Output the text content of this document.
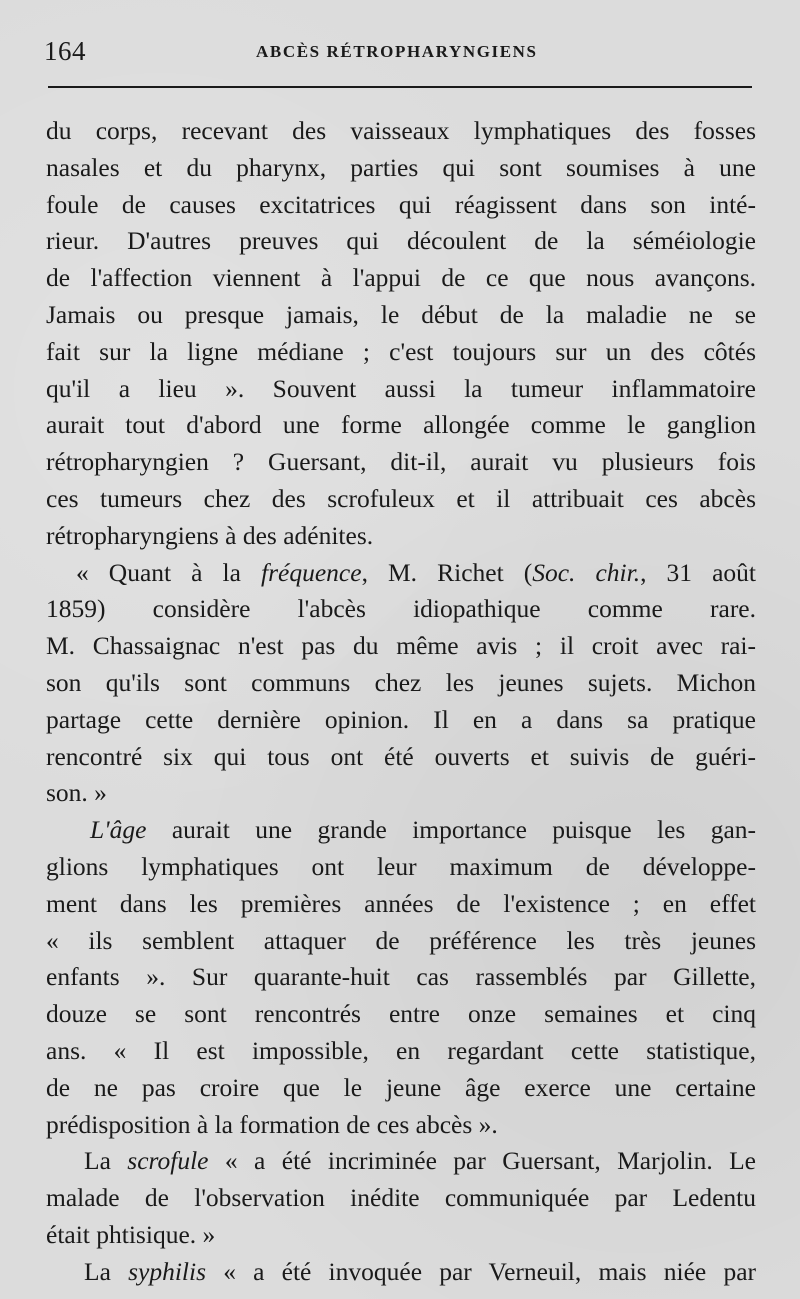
164	ABCÈS RÉTROPHARYNGIENS
du corps, recevant des vaisseaux lymphatiques des fosses
nasales et du pharynx, parties qui sont soumises à une
foule de causes excitatrices qui réagissent dans son inté-
rieur. D'autres preuves qui découlent de la séméiologie
de l'affection viennent à l'appui de ce que nous avançons.
Jamais ou presque jamais, le début de la maladie ne se
fait sur la ligne médiane ; c'est toujours sur un des côtés
qu'il a lieu ». Souvent aussi la tumeur inflammatoire
aurait tout d'abord une forme allongée comme le ganglion
rétropharyngien ? Guersant, dit-il, aurait vu plusieurs fois
ces tumeurs chez des scrofuleux et il attribuait ces abcès
rétropharyngiens à des adénites.
« Quant à la fréquence, M. Richet (Soc. chir., 31 août
1859) considère l'abcès idiopathique comme rare.
M. Chassaignac n'est pas du même avis ; il croit avec rai-
son qu'ils sont communs chez les jeunes sujets. Michon
partage cette dernière opinion. Il en a dans sa pratique
rencontré six qui tous ont été ouverts et suivis de guéri-
son. »
L'âge aurait une grande importance puisque les gan-
glions lymphatiques ont leur maximum de développe-
ment dans les premières années de l'existence ; en effet
« ils semblent attaquer de préférence les très jeunes
enfants ». Sur quarante-huit cas rassemblés par Gillette,
douze se sont rencontrés entre onze semaines et cinq
ans. « Il est impossible, en regardant cette statistique,
de ne pas croire que le jeune âge exerce une certaine
prédisposition à la formation de ces abcès ».
La scrofule « a été incriminée par Guersant, Marjolin. Le
malade de l'observation inédite communiquée par Ledentu
était phtisique. »
La syphilis « a été invoquée par Verneuil, mais niée par
